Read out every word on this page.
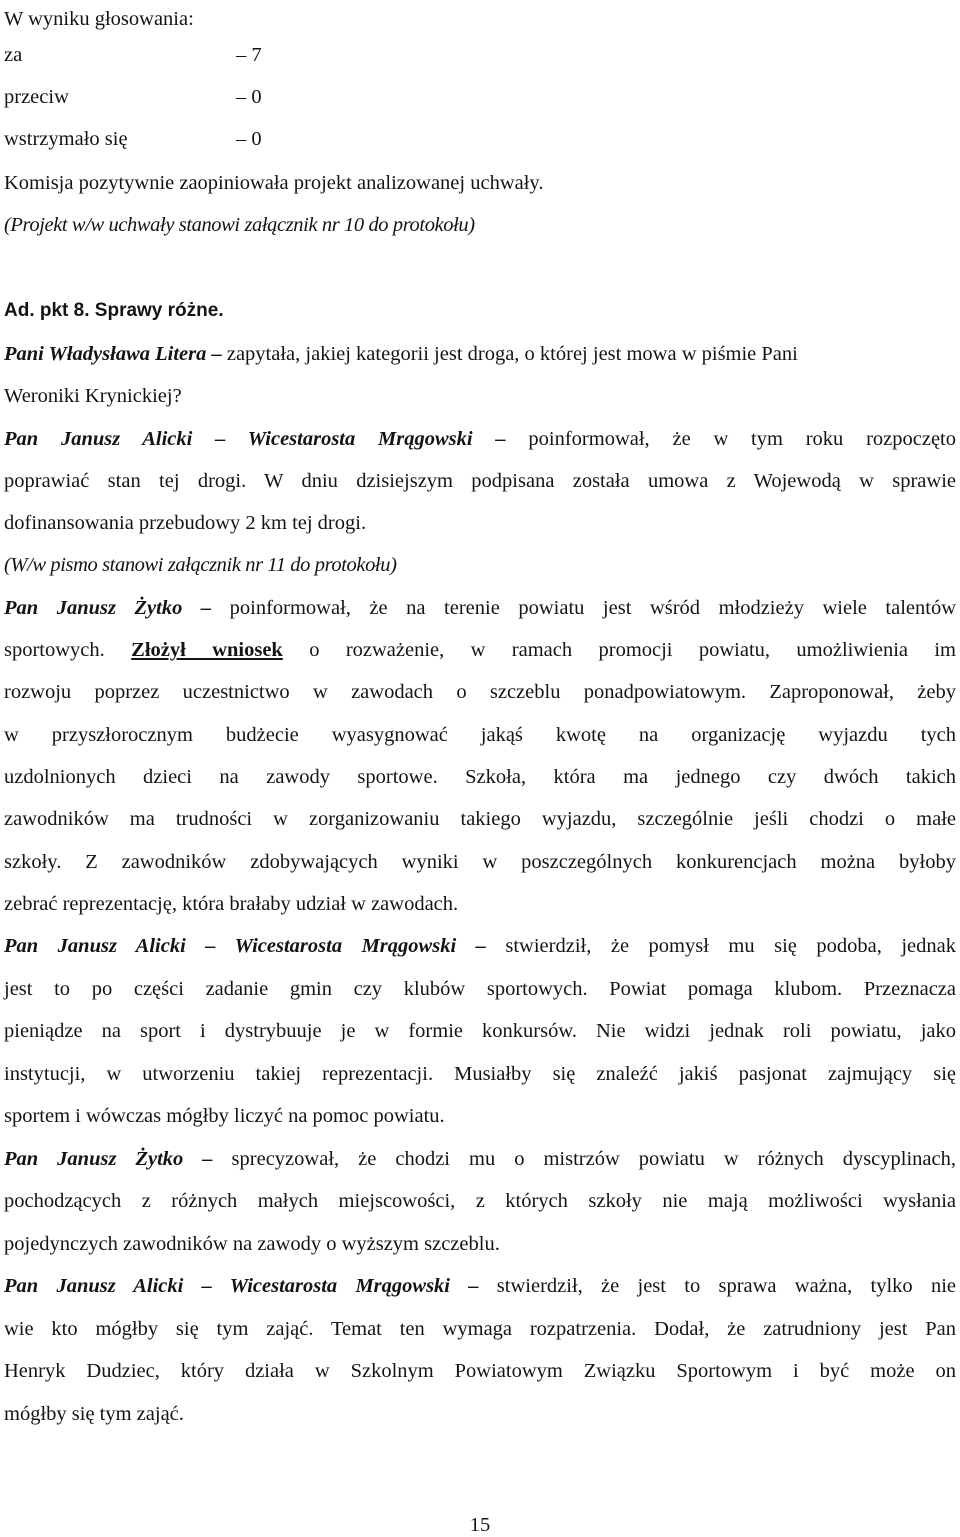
W wyniku głosowania:
za	– 7
przeciw	– 0
wstrzymało się	– 0
Komisja pozytywnie zaopiniowała projekt analizowanej uchwały.
(Projekt w/w uchwały stanowi załącznik nr 10 do protokołu)
Ad. pkt 8. Sprawy różne.
Pani Władysława Litera – zapytała, jakiej kategorii jest droga, o której jest mowa w piśmie Pani
Weroniki Krynickiej?
Pan Janusz Alicki – Wicestarosta Mrągowski – poinformował, że w tym roku rozpoczęto
poprawiać stan tej drogi. W dniu dzisiejszym podpisana została umowa z Wojewodą w sprawie
dofinansowania przebudowy 2 km tej drogi.
(W/w pismo stanowi załącznik nr 11 do protokołu)
Pan Janusz Żytko – poinformował, że na terenie powiatu jest wśród młodzieży wiele talentów
sportowych. Złożył wniosek o rozważenie, w ramach promocji powiatu, umożliwienia im
rozwoju poprzez uczestnictwo w zawodach o szczeblu ponadpowiatowym. Zaproponował, żeby
w przyszłorocznym budżecie wyasygnować jakąś kwotę na organizację wyjazdu tych
uzdolnionych dzieci na zawody sportowe. Szkoła, która ma jednego czy dwóch takich
zawodników ma trudności w zorganizowaniu takiego wyjazdu, szczególnie jeśli chodzi o małe
szkoły. Z zawodników zdobywających wyniki w poszczególnych konkurencjach można byłoby
zebrać reprezentację, która brałaby udział w zawodach.
Pan Janusz Alicki – Wicestarosta Mrągowski – stwierdził, że pomysł mu się podoba, jednak
jest to po części zadanie gmin czy klubów sportowych. Powiat pomaga klubom. Przeznacza
pieniądze na sport i dystrybuuje je w formie konkursów. Nie widzi jednak roli powiatu, jako
instytucji, w utworzeniu takiej reprezentacji. Musiałby się znaleźć jakiś pasjonat zajmujący się
sportem i wówczas mógłby liczyć na pomoc powiatu.
Pan Janusz Żytko – sprecyzował, że chodzi mu o mistrzów powiatu w różnych dyscyplinach,
pochodzących z różnych małych miejscowości, z których szkoły nie mają możliwości wysłania
pojedynczych zawodników na zawody o wyższym szczeblu.
Pan Janusz Alicki – Wicestarosta Mrągowski – stwierdził, że jest to sprawa ważna, tylko nie
wie kto mógłby się tym zająć. Temat ten wymaga rozpatrzenia. Dodał, że zatrudniony jest Pan
Henryk Dudziec, który działa w Szkolnym Powiatowym Związku Sportowym i być może on
mógłby się tym zająć.
15
